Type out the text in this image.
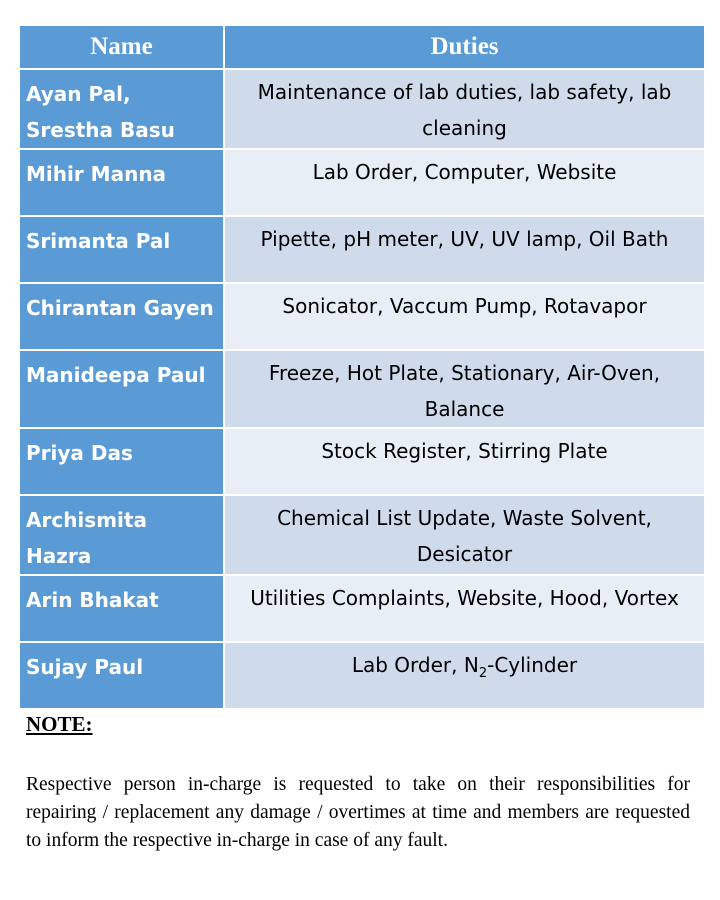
Name	Duties
Ayan Pal, Srestha Basu	Maintenance of lab duties, lab safety, lab cleaning
Mihir Manna	Lab Order, Computer, Website
Srimanta Pal	Pipette, pH meter, UV, UV lamp, Oil Bath
Chirantan Gayen	Sonicator, Vaccum Pump, Rotavapor
Manideepa Paul	Freeze, Hot Plate, Stationary, Air-Oven, Balance
Priya Das	Stock Register, Stirring Plate
Archismita Hazra	Chemical List Update, Waste Solvent, Desicator
Arin Bhakat	Utilities Complaints, Website, Hood, Vortex
Sujay Paul	Lab Order, $N_2$-Cylinder

NOTE:

Respective person in-charge is requested to take on their responsibilities for repairing / replacement any damage / overtimes at time and members are requested to inform the respective in-charge in case of any fault.
